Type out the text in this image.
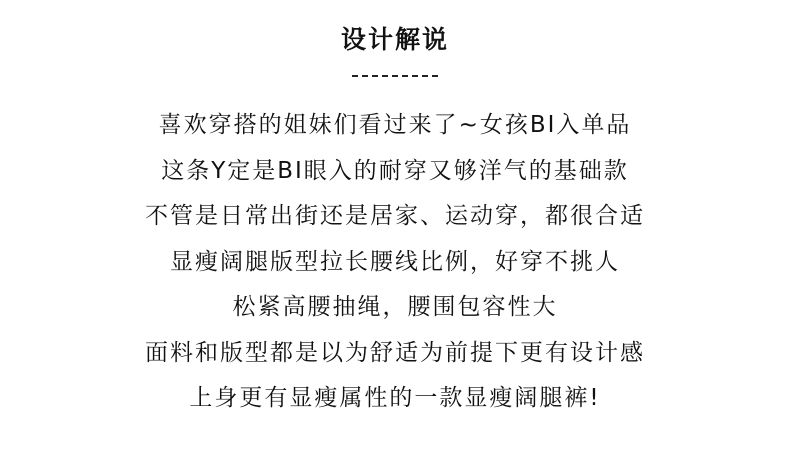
设计解说
喜欢穿搭的姐妹们看过来了~女孩BI入单品
这条Y定是BI眼入的耐穿又够洋气的基础款
不管是日常出街还是居家、运动穿，都很合适
显瘦阔腿版型拉长腰线比例，好穿不挑人
松紧高腰抽绳，腰围包容性大
面料和版型都是以为舒适为前提下更有设计感
上身更有显瘦属性的一款显瘦阔腿裤!
